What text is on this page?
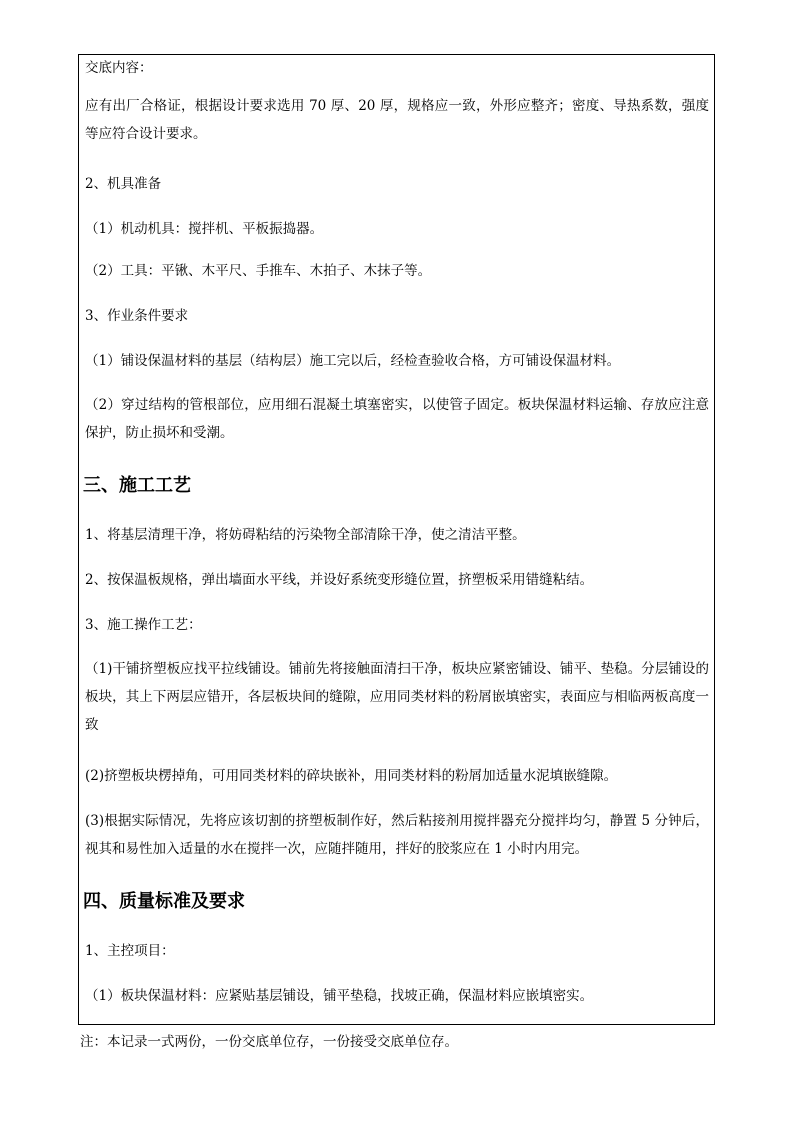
交底内容：
应有出厂合格证，根据设计要求选用 70 厚、20 厚，规格应一致，外形应整齐；密度、导热系数，强度等应符合设计要求。
2、机具准备
（1）机动机具：搅拌机、平板振捣器。
（2）工具：平锹、木平尺、手推车、木拍子、木抹子等。
3、作业条件要求
（1）铺设保温材料的基层（结构层）施工完以后，经检查验收合格，方可铺设保温材料。
（2）穿过结构的管根部位，应用细石混凝土填塞密实，以使管子固定。板块保温材料运输、存放应注意保护，防止损坏和受潮。
三、施工工艺
1、将基层清理干净，将妨碍粘结的污染物全部清除干净，使之清洁平整。
2、按保温板规格，弹出墙面水平线，并设好系统变形缝位置，挤塑板采用错缝粘结。
3、施工操作工艺：
（1)干铺挤塑板应找平拉线铺设。铺前先将接触面清扫干净，板块应紧密铺设、铺平、垫稳。分层铺设的板块，其上下两层应错开，各层板块间的缝隙，应用同类材料的粉屑嵌填密实，表面应与相临两板高度一致
(2)挤塑板块楞掉角，可用同类材料的碎块嵌补，用同类材料的粉屑加适量水泥填嵌缝隙。
(3)根据实际情况，先将应该切割的挤塑板制作好，然后粘接剂用搅拌器充分搅拌均匀，静置 5 分钟后，视其和易性加入适量的水在搅拌一次，应随拌随用，拌好的胶浆应在 1 小时内用完。
四、质量标准及要求
1、主控项目：
（1）板块保温材料：应紧贴基层铺设，铺平垫稳，找坡正确，保温材料应嵌填密实。
注：本记录一式两份，一份交底单位存，一份接受交底单位存。
